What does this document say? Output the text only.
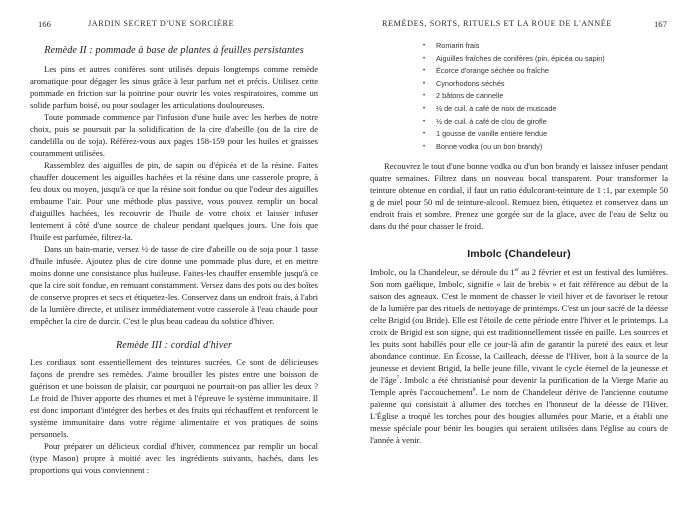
166	JARDIN SECRET D'UNE SORCIÈRE
Remède II : pommade à base de plantes à feuilles persistantes

Les pins et autres conifères sont utilisés depuis longtemps comme remède aromatique pour dégager les sinus grâce à leur parfum net et précis. Utilisez cette pommade en friction sur la poitrine pour ouvrir les voies respiratoires, comme un solide parfum boisé, ou pour soulager les articulations douloureuses.

Toute pommade commence par l'infusion d'une huile avec les herbes de notre choix, puis se poursuit par la solidification de la cire d'abeille (ou de la cire de candelilla ou de soja). Référez-vous aux pages 158-159 pour les huiles et graisses couramment utilisées.

Rassemblez des aiguilles de pin, de sapin ou d'épicéa et de la résine. Faites chauffer doucement les aiguilles hachées et la résine dans une casserole propre, à feu doux ou moyen, jusqu'à ce que la résine soit fondue ou que l'odeur des aiguilles embaume l'air. Pour une méthode plus passive, vous pouvez remplir un bocal d'aiguilles hachées, les recouvrir de l'huile de votre choix et laisser infuser lentement à côté d'une source de chaleur pendant quelques jours. Une fois que l'huile est parfumée, filtrez-la.

Dans un bain-marie, versez ½ de tasse de cire d'abeille ou de soja pour 1 tasse d'huile infusée. Ajoutez plus de cire donne une pommade plus dure, et en mettre moins donne une consistance plus huileuse. Faites-les chauffer ensemble jusqu'à ce que la cire soit fondue, en remuant constamment. Versez dans des pots ou des boîtes de conserve propres et secs et étiquetez-les. Conservez dans un endroit frais, à l'abri de la lumière directe, et utilisez immédiatement votre casserole à l'eau chaude pour empêcher la cire de durcir. C'est le plus beau cadeau du solstice d'hiver.

Remède III : cordial d'hiver

Les cordiaux sont essentiellement des teintures sucrées. Ce sont de délicieuses façons de prendre ses remèdes. J'aime brouiller les pistes entre une boisson de guérison et une boisson de plaisir, car pourquoi ne pourrait-on pas allier les deux ? Le froid de l'hiver apporte des rhumes et met à l'épreuve le système immunitaire. Il est donc important d'intégrer des herbes et des fruits qui réchauffent et renforcent le système immunitaire dans votre régime alimentaire et vos pratiques de soins personnels.

Pour préparer un délicieux cordial d'hiver, commencez par remplir un bocal (type Mason) propre à moitié avec les ingrédients suivants, hachés, dans les proportions qui vous conviennent :

REMÈDES, SORTS, RITUELS ET LA ROUE DE L'ANNÉE	167
• Romarin frais
• Aiguilles fraîches de conifères (pin, épicéa ou sapin)
• Écorce d'orange séchée ou fraîche
• Cynorhodons séchés
• 2 bâtons de cannelle
• ½ de cuil. à café de noix de muscade
• ½ de cuil. à café de clou de girofle
• 1 gousse de vanille entière fendue
• Bonne vodka (ou un bon brandy)

Recouvrez le tout d'une bonne vodka ou d'un bon brandy et laissez infuser pendant quatre semaines. Filtrez dans un nouveau bocal transparent. Pour transformer la teinture obtenue en cordial, il faut un ratio édulcorant-teinture de 1 :1, par exemple 50 g de miel pour 50 ml de teinture-alcool. Remuez bien, étiquetez et conservez dans un endroit frais et sombre. Prenez une gorgée sur de la glace, avec de l'eau de Seltz ou dans du thé pour chasser le froid.

Imbolc (Chandeleur)

Imbolc, ou la Chandeleur, se déroule du 1er au 2 février et est un festival des lumières. Son nom gaélique, Imbolc, signifie « lait de brebis » et fait référence au début de la saison des agneaux. C'est le moment de chasser le vieil hiver et de favoriser le retour de la lumière par des rituels de nettoyage de printemps. C'est un jour sacré de la déesse celte Brigid (ou Bride). Elle est l'étoile de cette période entre l'hiver et le printemps. La croix de Brigid est son signe, qui est traditionnellement tissée en paille. Les sources et les puits sont habillés pour elle ce jour-là afin de garantir la pureté des eaux et leur abondance continue. En Écosse, la Cailleach, déesse de l'Hiver, boit à la source de la jeunesse et devient Brigid, la belle jeune fille, vivant le cycle éternel de la jeunesse et de l'âge$^7$. Imbolc a été christianisé pour devenir la purification de la Vierge Marie au Temple après l'accouchement$^8$. Le nom de Chandeleur dérive de l'ancienne coutume païenne qui consistait à allumer des torches en l'honneur de la déesse de l'Hiver. L'Église a troqué les torches pour des bougies allumées pour Marie, et a établi une messe spéciale pour bénir les bougies qui seraient utilisées dans l'église au cours de l'année à venir.
